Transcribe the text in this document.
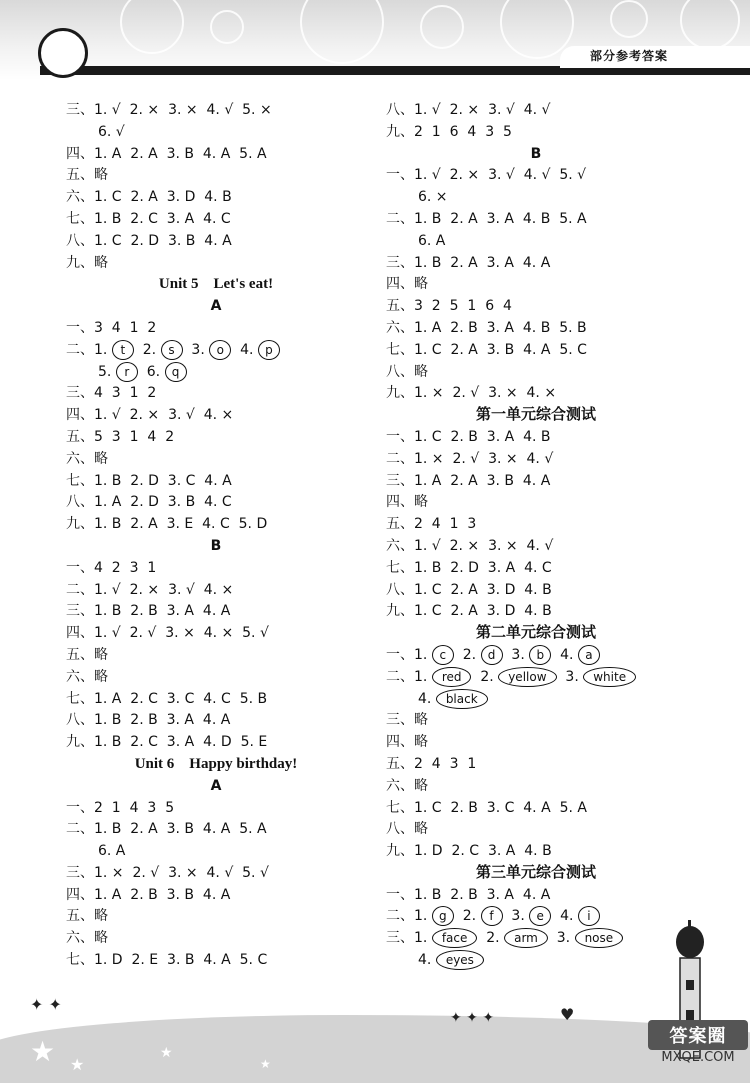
部分参考答案
三、1. √  2. ×  3. ×  4. √  5. ×
6. √
四、1. A  2. A  3. B  4. A  5. A
五、略
六、1. C  2. A  3. D  4. B
七、1. B  2. C  3. A  4. C
八、1. C  2. D  3. B  4. A
九、略
Unit 5    Let's eat!
A
一、3  4  1  2
二、1. t  2. s  3. o  4. p
5. r  6. q
三、4  3  1  2
四、1. √  2. ×  3. √  4. ×
五、5  3  1  4  2
六、略
七、1. B  2. D  3. C  4. A
八、1. A  2. D  3. B  4. C
九、1. B  2. A  3. E  4. C  5. D
B
一、4  2  3  1
二、1. √  2. ×  3. √  4. ×
三、1. B  2. B  3. A  4. A
四、1. √  2. √  3. ×  4. ×  5. √
五、略
六、略
七、1. A  2. C  3. C  4. C  5. B
八、1. B  2. B  3. A  4. A
九、1. B  2. C  3. A  4. D  5. E
Unit 6    Happy birthday!
A
一、2  1  4  3  5
二、1. B  2. A  3. B  4. A  5. A
6. A
三、1. ×  2. √  3. ×  4. √  5. √
四、1. A  2. B  3. B  4. A
五、略
六、略
七、1. D  2. E  3. B  4. A  5. C
八、1. √  2. ×  3. √  4. √
九、2  1  6  4  3  5
B
一、1. √  2. ×  3. √  4. √  5. √
6. ×
二、1. B  2. A  3. A  4. B  5. A
6. A
三、1. B  2. A  3. A  4. A
四、略
五、3  2  5  1  6  4
六、1. A  2. B  3. A  4. B  5. B
七、1. C  2. A  3. B  4. A  5. C
八、略
九、1. ×  2. √  3. ×  4. ×
第一单元综合测试
一、1. C  2. B  3. A  4. B
二、1. ×  2. √  3. ×  4. √
三、1. A  2. A  3. B  4. A
四、略
五、2  4  1  3
六、1. √  2. ×  3. ×  4. √
七、1. B  2. D  3. A  4. C
八、1. C  2. A  3. D  4. B
九、1. C  2. A  3. D  4. B
第二单元综合测试
一、1. c  2. d  3. b  4. a
二、1. red  2. yellow  3. white
4. black
三、略
四、略
五、2  4  3  1
六、略
七、1. C  2. B  3. C  4. A  5. A
八、略
九、1. D  2. C  3. A  4. B
第三单元综合测试
一、1. B  2. B  3. A  4. A
二、1. g  2. f  3. e  4. i
三、1. face  2. arm  3. nose
4. eyes
★ ★
★
★
✦ ✦
✦ ✦ ✦	♥
答案圈
MXQE.COM
